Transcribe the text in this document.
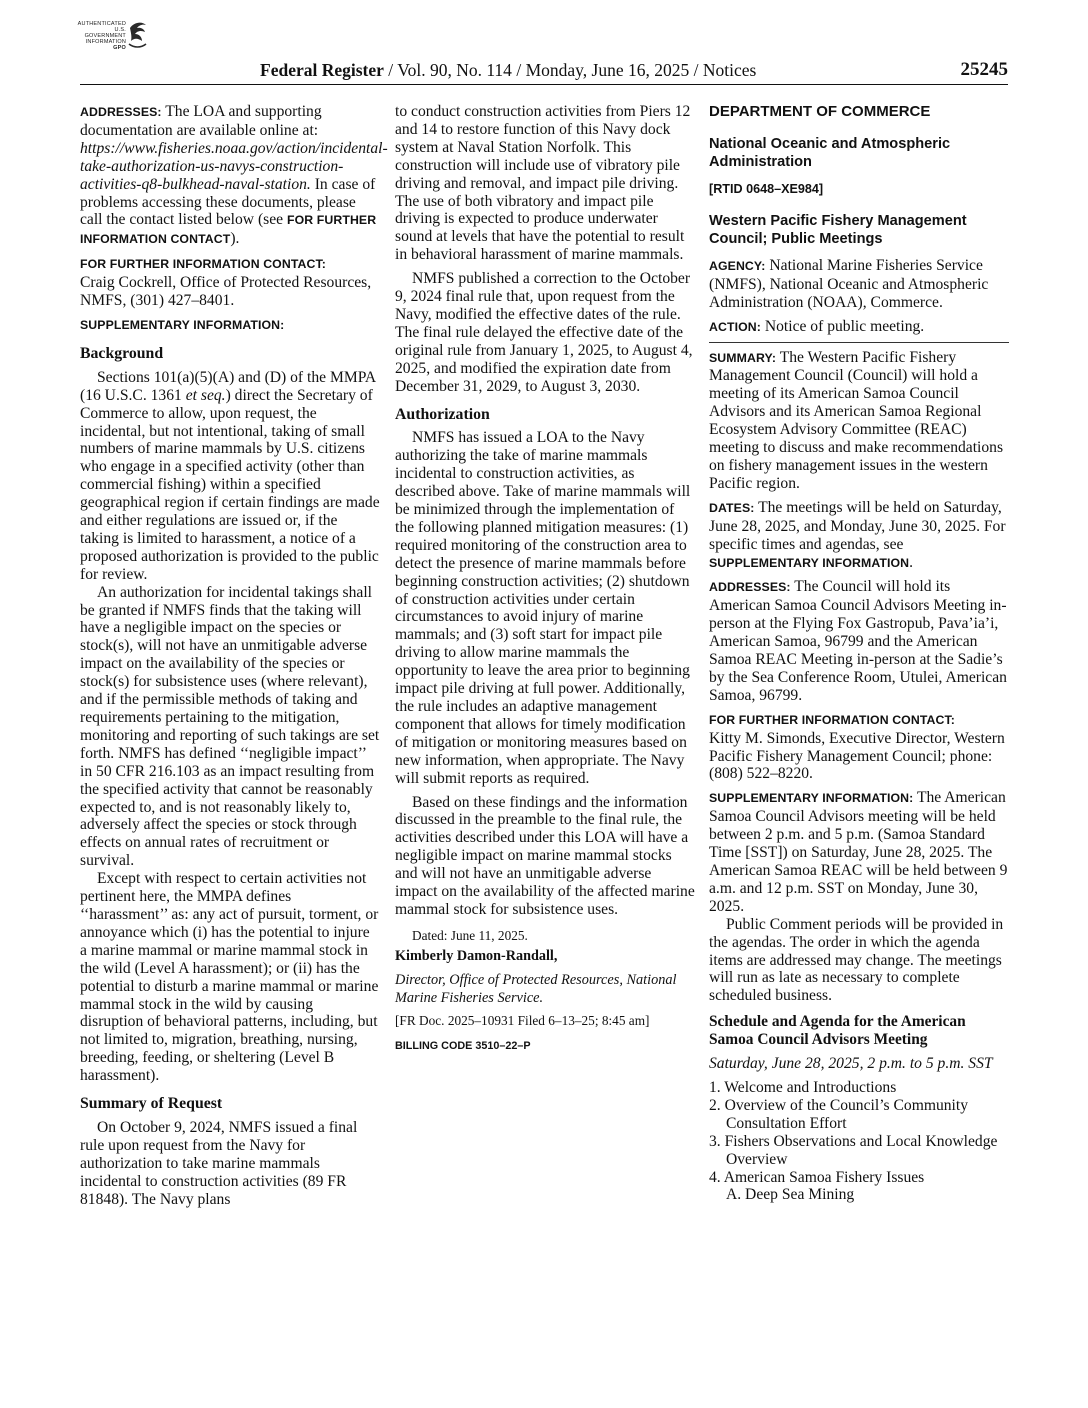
AUTHENTICATED
U.S. GOVERNMENT
INFORMATION
GPO
Federal Register / Vol. 90, No. 114 / Monday, June 16, 2025 / Notices	25245

ADDRESSES: The LOA and supporting documentation are available online at: https://www.fisheries.noaa.gov/action/incidental-take-authorization-us-navys-construction-activities-q8-bulkhead-naval-station. In case of problems accessing these documents, please call the contact listed below (see FOR FURTHER INFORMATION CONTACT).

FOR FURTHER INFORMATION CONTACT:
Craig Cockrell, Office of Protected Resources, NMFS, (301) 427–8401.

SUPPLEMENTARY INFORMATION:

Background

Sections 101(a)(5)(A) and (D) of the MMPA (16 U.S.C. 1361 et seq.) direct the Secretary of Commerce to allow, upon request, the incidental, but not intentional, taking of small numbers of marine mammals by U.S. citizens who engage in a specified activity (other than commercial fishing) within a specified geographical region if certain findings are made and either regulations are issued or, if the taking is limited to harassment, a notice of a proposed authorization is provided to the public for review.

An authorization for incidental takings shall be granted if NMFS finds that the taking will have a negligible impact on the species or stock(s), will not have an unmitigable adverse impact on the availability of the species or stock(s) for subsistence uses (where relevant), and if the permissible methods of taking and requirements pertaining to the mitigation, monitoring and reporting of such takings are set forth. NMFS has defined ‘‘negligible impact’’ in 50 CFR 216.103 as an impact resulting from the specified activity that cannot be reasonably expected to, and is not reasonably likely to, adversely affect the species or stock through effects on annual rates of recruitment or survival.

Except with respect to certain activities not pertinent here, the MMPA defines ‘‘harassment’’ as: any act of pursuit, torment, or annoyance which (i) has the potential to injure a marine mammal or marine mammal stock in the wild (Level A harassment); or (ii) has the potential to disturb a marine mammal or marine mammal stock in the wild by causing disruption of behavioral patterns, including, but not limited to, migration, breathing, nursing, breeding, feeding, or sheltering (Level B harassment).

Summary of Request

On October 9, 2024, NMFS issued a final rule upon request from the Navy for authorization to take marine mammals incidental to construction activities (89 FR 81848). The Navy plans

to conduct construction activities from Piers 12 and 14 to restore function of this Navy dock system at Naval Station Norfolk. This construction will include use of vibratory pile driving and removal, and impact pile driving. The use of both vibratory and impact pile driving is expected to produce underwater sound at levels that have the potential to result in behavioral harassment of marine mammals.

NMFS published a correction to the October 9, 2024 final rule that, upon request from the Navy, modified the effective dates of the rule. The final rule delayed the effective date of the original rule from January 1, 2025, to August 4, 2025, and modified the expiration date from December 31, 2029, to August 3, 2030.

Authorization

NMFS has issued a LOA to the Navy authorizing the take of marine mammals incidental to construction activities, as described above. Take of marine mammals will be minimized through the implementation of the following planned mitigation measures: (1) required monitoring of the construction area to detect the presence of marine mammals before beginning construction activities; (2) shutdown of construction activities under certain circumstances to avoid injury of marine mammals; and (3) soft start for impact pile driving to allow marine mammals the opportunity to leave the area prior to beginning impact pile driving at full power. Additionally, the rule includes an adaptive management component that allows for timely modification of mitigation or monitoring measures based on new information, when appropriate. The Navy will submit reports as required.

Based on these findings and the information discussed in the preamble to the final rule, the activities described under this LOA will have a negligible impact on marine mammal stocks and will not have an unmitigable adverse impact on the availability of the affected marine mammal stock for subsistence uses.

Dated: June 11, 2025.

Kimberly Damon-Randall,

Director, Office of Protected Resources, National Marine Fisheries Service.

[FR Doc. 2025–10931 Filed 6–13–25; 8:45 am]

BILLING CODE 3510–22–P

DEPARTMENT OF COMMERCE

National Oceanic and Atmospheric Administration

[RTID 0648–XE984]

Western Pacific Fishery Management Council; Public Meetings

AGENCY: National Marine Fisheries Service (NMFS), National Oceanic and Atmospheric Administration (NOAA), Commerce.

ACTION: Notice of public meeting.

SUMMARY: The Western Pacific Fishery Management Council (Council) will hold a meeting of its American Samoa Council Advisors and its American Samoa Regional Ecosystem Advisory Committee (REAC) meeting to discuss and make recommendations on fishery management issues in the western Pacific region.

DATES: The meetings will be held on Saturday, June 28, 2025, and Monday, June 30, 2025. For specific times and agendas, see SUPPLEMENTARY INFORMATION.

ADDRESSES: The Council will hold its American Samoa Council Advisors Meeting in-person at the Flying Fox Gastropub, Pava’ia’i, American Samoa, 96799 and the American Samoa REAC Meeting in-person at the Sadie’s by the Sea Conference Room, Utulei, American Samoa, 96799.

FOR FURTHER INFORMATION CONTACT:
Kitty M. Simonds, Executive Director, Western Pacific Fishery Management Council; phone: (808) 522–8220.

SUPPLEMENTARY INFORMATION: The American Samoa Council Advisors meeting will be held between 2 p.m. and 5 p.m. (Samoa Standard Time [SST]) on Saturday, June 28, 2025. The American Samoa REAC will be held between 9 a.m. and 12 p.m. SST on Monday, June 30, 2025.

Public Comment periods will be provided in the agendas. The order in which the agenda items are addressed may change. The meetings will run as late as necessary to complete scheduled business.

Schedule and Agenda for the American Samoa Council Advisors Meeting

Saturday, June 28, 2025, 2 p.m. to 5 p.m. SST

1. Welcome and Introductions
2. Overview of the Council’s Community Consultation Effort
3. Fishers Observations and Local Knowledge Overview
4. American Samoa Fishery Issues
A. Deep Sea Mining
